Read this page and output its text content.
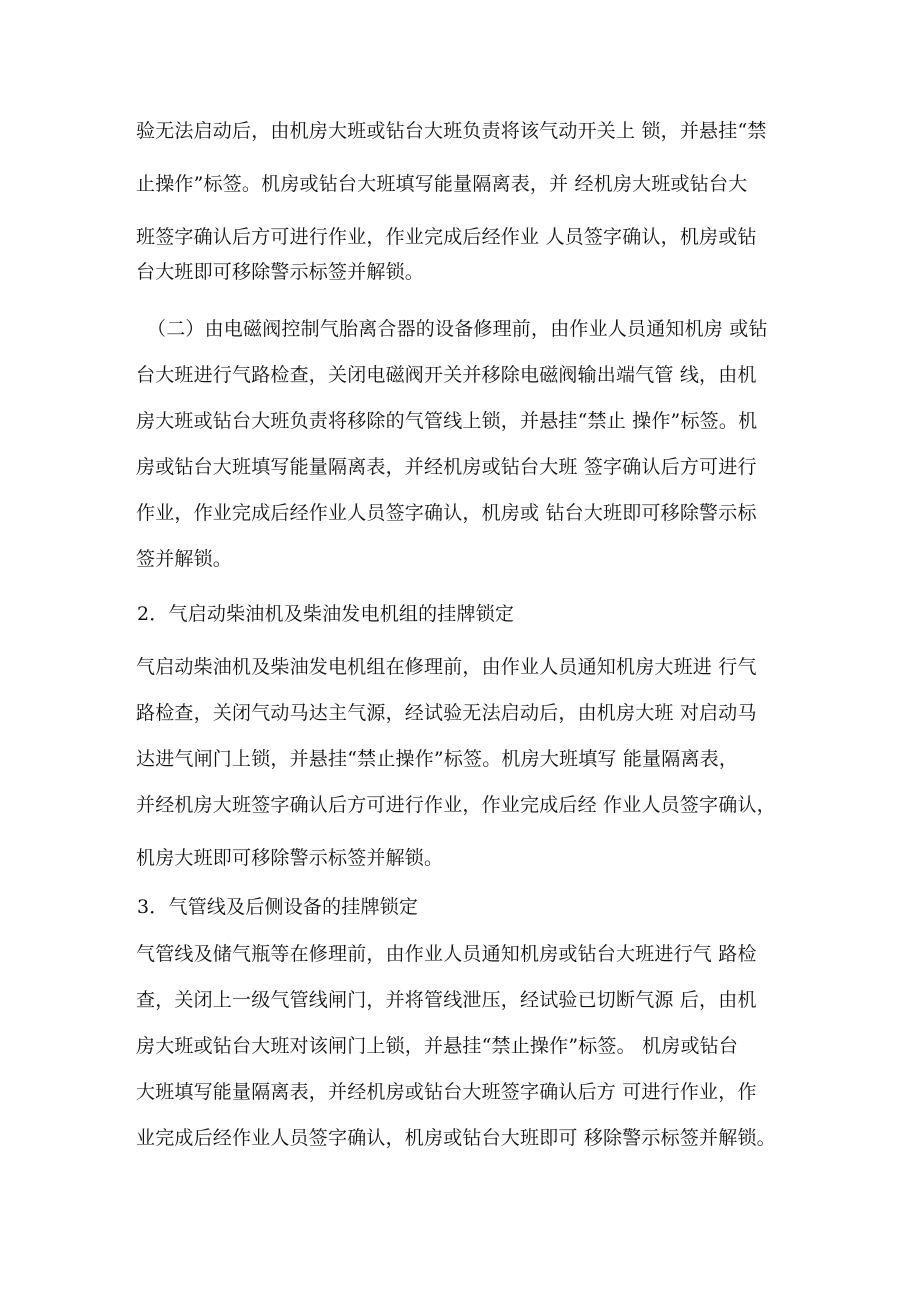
验无法启动后，由机房大班或钻台大班负责将该气动开关上 锁，并悬挂“禁
止操作”标签。机房或钻台大班填写能量隔离表，并 经机房大班或钻台大
班签字确认后方可进行作业，作业完成后经作业 人员签字确认，机房或钻
台大班即可移除警示标签并解锁。
（二）由电磁阀控制气胎离合器的设备修理前，由作业人员通知机房 或钻
台大班进行气路检查，关闭电磁阀开关并移除电磁阀输出端气管 线，由机
房大班或钻台大班负责将移除的气管线上锁，并悬挂“禁止 操作”标签。机
房或钻台大班填写能量隔离表，并经机房或钻台大班 签字确认后方可进行
作业，作业完成后经作业人员签字确认，机房或 钻台大班即可移除警示标
签并解锁。
2．气启动柴油机及柴油发电机组的挂牌锁定
气启动柴油机及柴油发电机组在修理前，由作业人员通知机房大班进 行气
路检查，关闭气动马达主气源，经试验无法启动后，由机房大班 对启动马
达进气闸门上锁，并悬挂“禁止操作”标签。机房大班填写 能量隔离表，
并经机房大班签字确认后方可进行作业，作业完成后经 作业人员签字确认，
机房大班即可移除警示标签并解锁。
3．气管线及后侧设备的挂牌锁定
气管线及储气瓶等在修理前，由作业人员通知机房或钻台大班进行气 路检
查，关闭上一级气管线闸门，并将管线泄压，经试验已切断气源 后，由机
房大班或钻台大班对该闸门上锁，并悬挂“禁止操作”标签。 机房或钻台
大班填写能量隔离表，并经机房或钻台大班签字确认后方 可进行作业，作
业完成后经作业人员签字确认，机房或钻台大班即可 移除警示标签并解锁。
